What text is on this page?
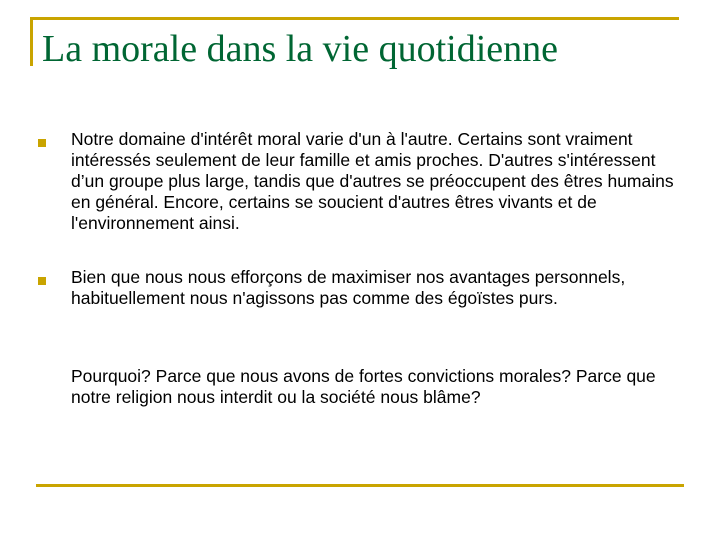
La morale dans la vie quotidienne

Notre domaine d'intérêt moral varie d'un à l'autre. Certains sont vraiment intéressés seulement de leur famille et amis proches. D'autres s'intéressent d’un groupe plus large, tandis que d'autres se préoccupent des êtres humains en général. Encore, certains se soucient d'autres êtres vivants et de l'environnement ainsi.

Bien que nous nous efforçons de maximiser nos avantages personnels, habituellement nous n'agissons pas comme des égoïstes purs.

Pourquoi? Parce que nous avons de fortes convictions morales? Parce que notre religion nous interdit ou la société nous blâme?
